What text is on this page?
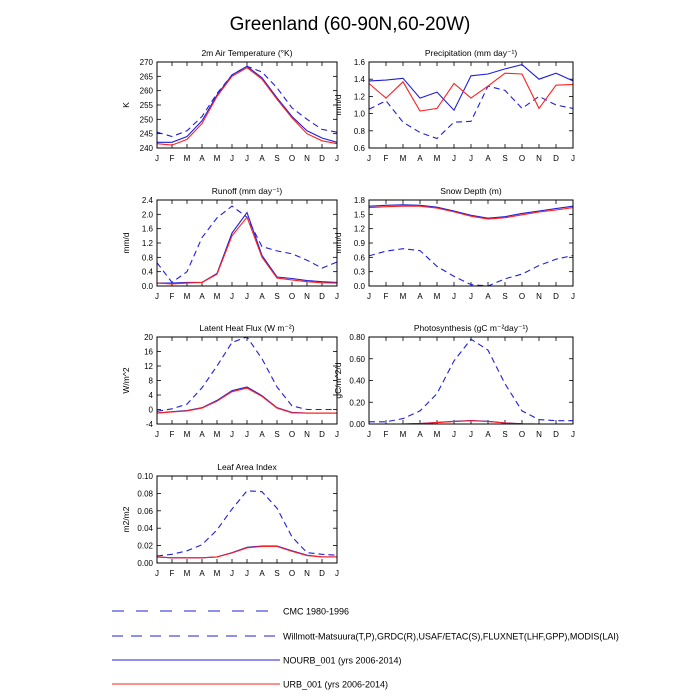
Greenland (60-90N,60-20W)
2m Air Temperature (°K)
K
240
245
250
255
260
265
270
J F M A M J J A S O N D J
Precipitation (mm day⁻¹)
mm/d
0.6
0.8
1.0
1.2
1.4
1.6
J F M A M J J A S O N D J
Runoff (mm day⁻¹)
mm/d
0.0
0.4
0.8
1.2
1.6
2.0
2.4
J F M A M J J A S O N D J
Snow Depth (m)
mm/d
0.0
0.3
0.6
0.9
1.2
1.5
1.8
J F M A M J J A S O N D J
Latent Heat Flux (W m⁻²)
W/m^2
-4
0
4
8
12
16
20
J F M A M J J A S O N D J
Photosynthesis (gC m⁻²day⁻¹)
gC/m^2/d
0.00
0.20
0.40
0.60
0.80
J F M A M J J A S O N D J
Leaf Area Index
m2/m2
0.00
0.02
0.04
0.06
0.08
0.10
J F M A M J J A S O N D J
CMC 1980-1996
Willmott-Matsuura(T,P),GRDC(R),USAF/ETAC(S),FLUXNET(LHF,GPP),MODIS(LAI)
NOURB_001 (yrs 2006-2014)
URB_001 (yrs 2006-2014)
